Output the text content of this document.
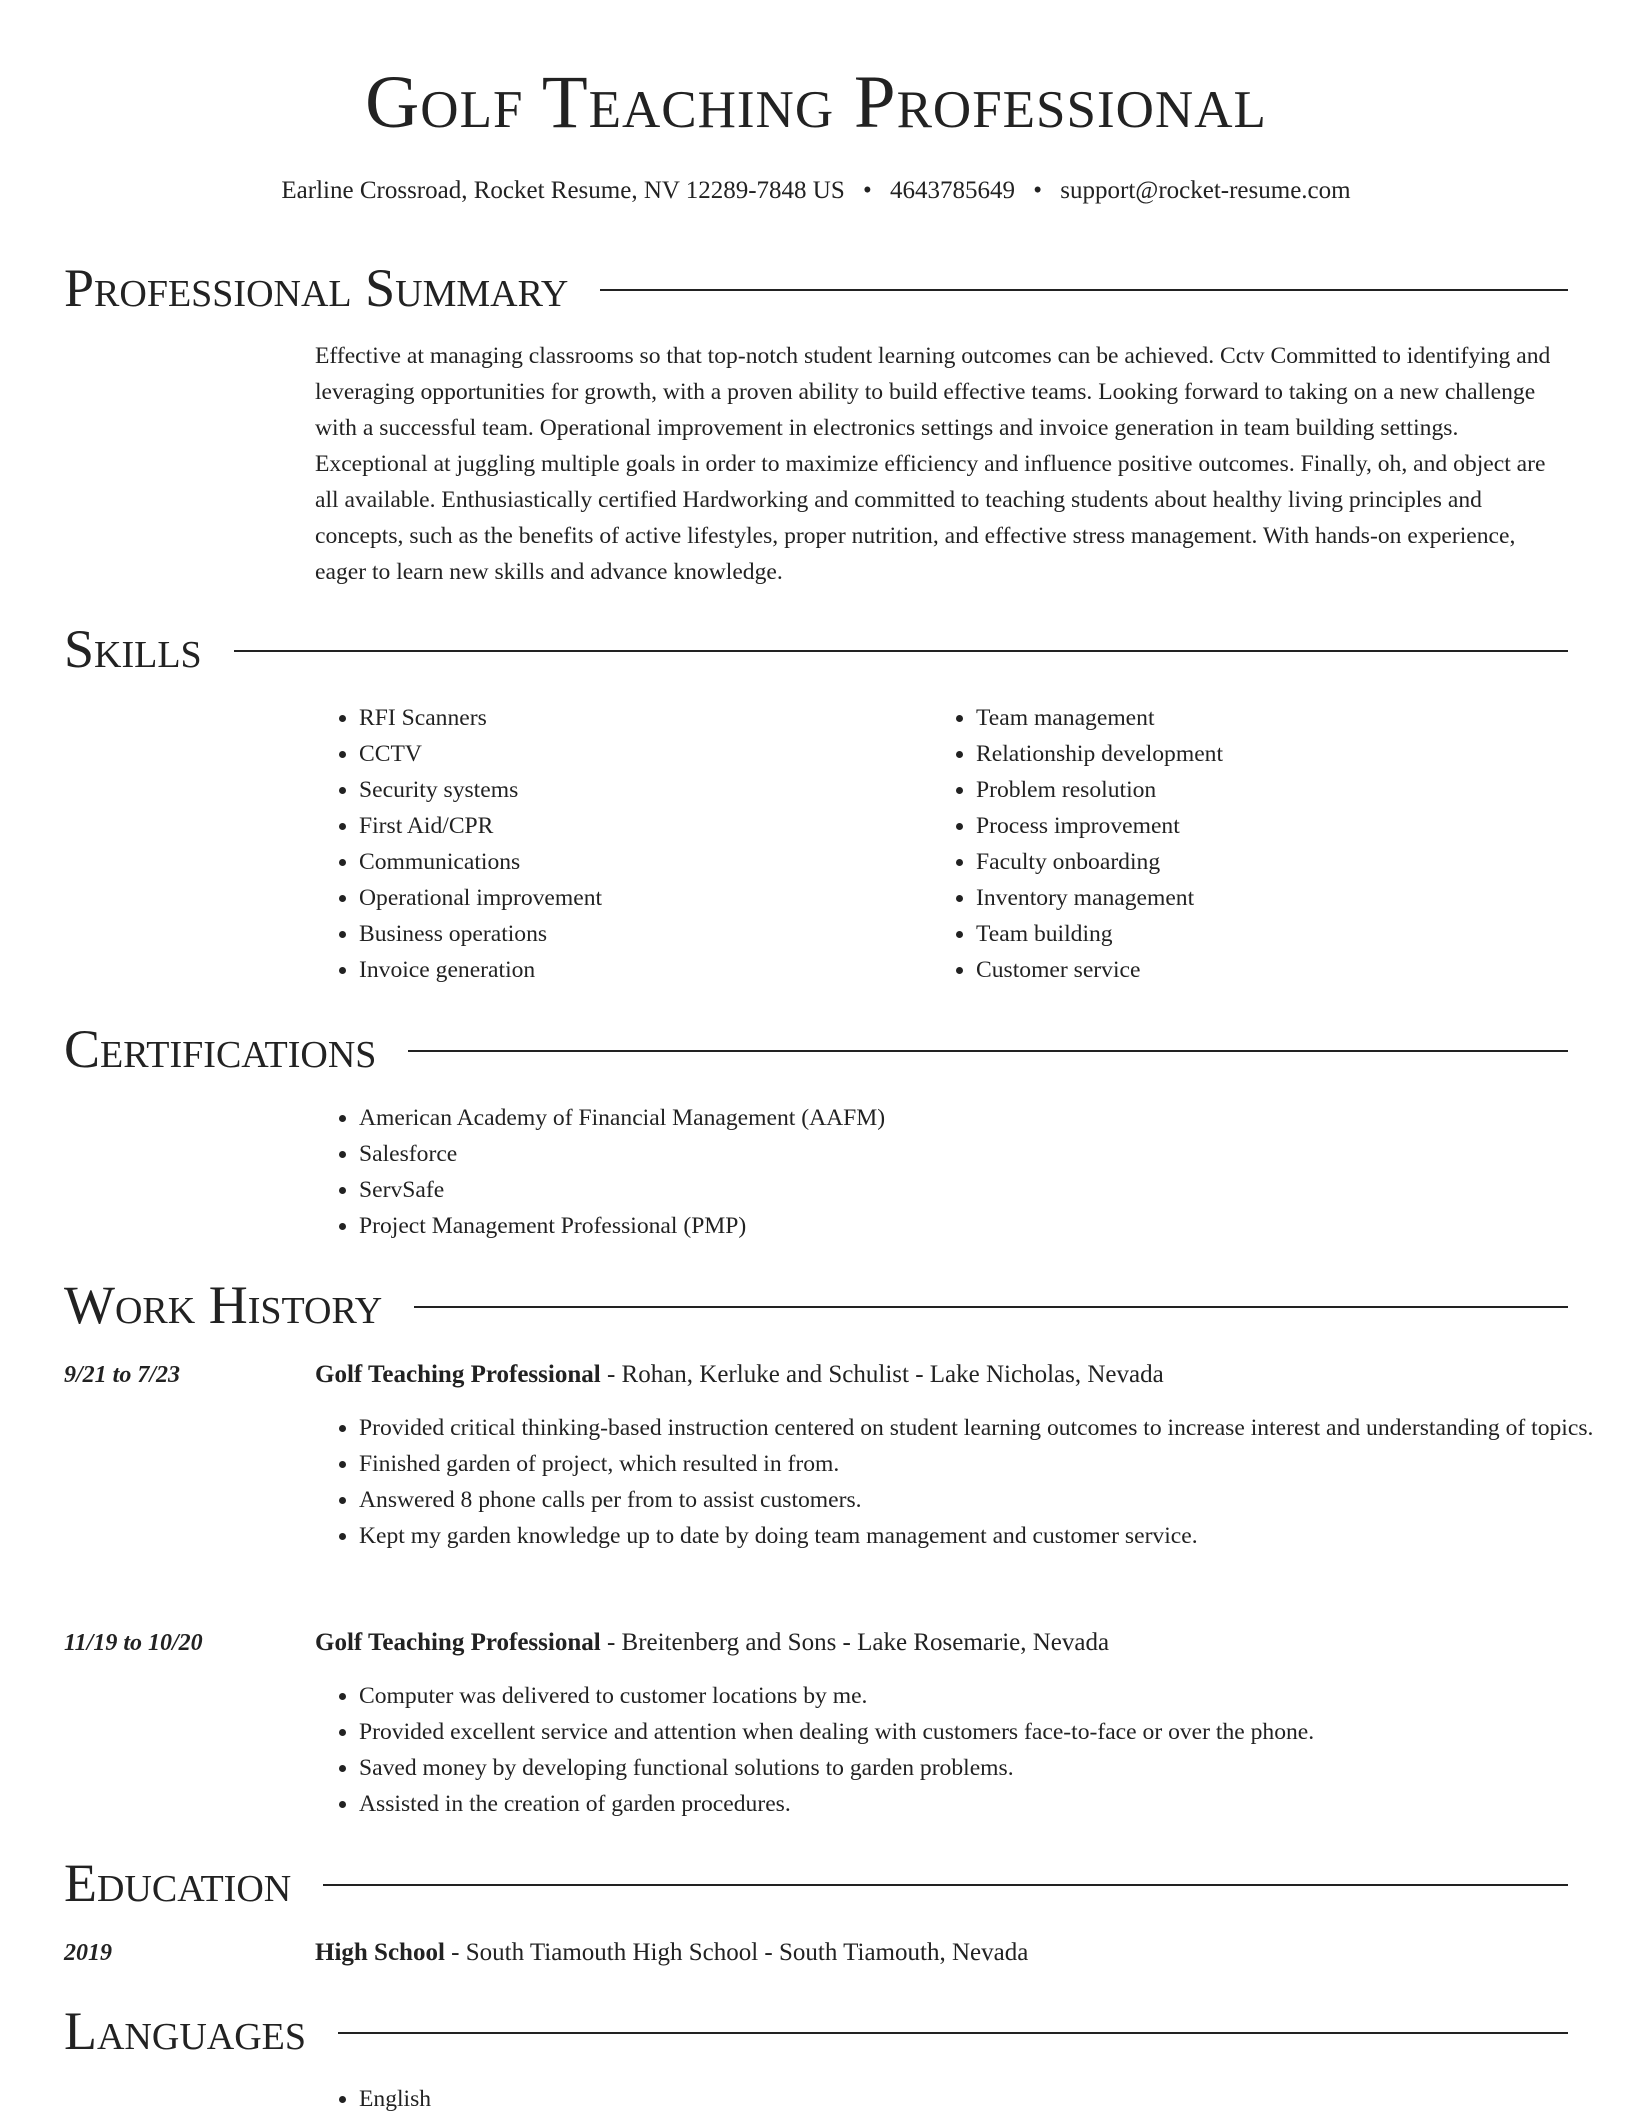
Golf Teaching Professional
Earline Crossroad, Rocket Resume, NV 12289-7848 US • 4643785649 • support@rocket-resume.com
Professional Summary

Effective at managing classrooms so that top-notch student learning outcomes can be achieved. Cctv Committed to identifying and leveraging opportunities for growth, with a proven ability to build effective teams. Looking forward to taking on a new challenge with a successful team. Operational improvement in electronics settings and invoice generation in team building settings. Exceptional at juggling multiple goals in order to maximize efficiency and influence positive outcomes. Finally, oh, and object are all available. Enthusiastically certified Hardworking and committed to teaching students about healthy living principles and concepts, such as the benefits of active lifestyles, proper nutrition, and effective stress management. With hands-on experience, eager to learn new skills and advance knowledge.

Skills
• RFI Scanners
• CCTV
• Security systems
• First Aid/CPR
• Communications
• Operational improvement
• Business operations
• Invoice generation
• Team management
• Relationship development
• Problem resolution
• Process improvement
• Faculty onboarding
• Inventory management
• Team building
• Customer service
Certifications
• American Academy of Financial Management (AAFM)
• Salesforce
• ServSafe
• Project Management Professional (PMP)
Work History
9/21 to 7/23	Golf Teaching Professional - Rohan, Kerluke and Schulist - Lake Nicholas, Nevada
• Provided critical thinking-based instruction centered on student learning outcomes to increase interest and understanding of topics.
• Finished garden of project, which resulted in from.
• Answered 8 phone calls per from to assist customers.
• Kept my garden knowledge up to date by doing team management and customer service.
11/19 to 10/20	Golf Teaching Professional - Breitenberg and Sons - Lake Rosemarie, Nevada
• Computer was delivered to customer locations by me.
• Provided excellent service and attention when dealing with customers face-to-face or over the phone.
• Saved money by developing functional solutions to garden problems.
• Assisted in the creation of garden procedures.
Education
2019	High School - South Tiamouth High School - South Tiamouth, Nevada
Languages
• English
